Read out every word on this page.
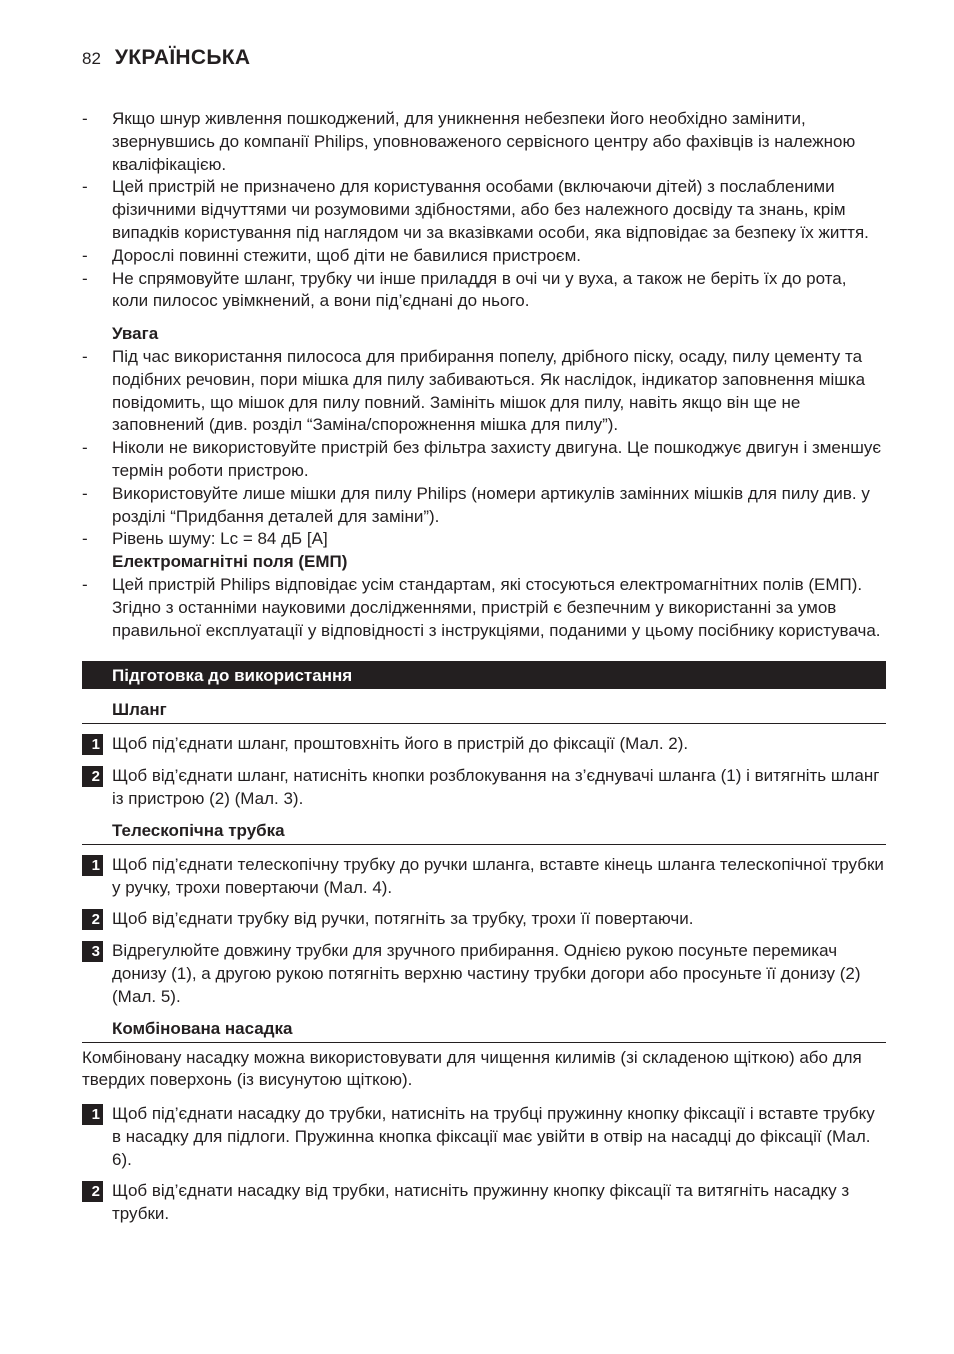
82 УКРАЇНСЬКА
- Якщо шнур живлення пошкоджений, для уникнення небезпеки його необхідно замінити, звернувшись до компанії Philips, уповноваженого сервісного центру або фахівців із належною кваліфікацією.
- Цей пристрій не призначено для користування особами (включаючи дітей) з послабленими фізичними відчуттями чи розумовими здібностями, або без належного досвіду та знань, крім випадків користування під наглядом чи за вказівками особи, яка відповідає за безпеку їх життя.
- Дорослі повинні стежити, щоб діти не бавилися пристроєм.
- Не спрямовуйте шланг, трубку чи інше приладдя в очі чи у вуха, а також не беріть їх до рота, коли пилосос увімкнений, а вони під’єднані до нього.
Увага
- Під час використання пилососа для прибирання попелу, дрібного піску, осаду, пилу цементу та подібних речовин, пори мішка для пилу забиваються. Як наслідок, індикатор заповнення мішка повідомить, що мішок для пилу повний. Замініть мішок для пилу, навіть якщо він ще не заповнений (див. розділ “Заміна/спорожнення мішка для пилу”).
- Ніколи не використовуйте пристрій без фільтра захисту двигуна. Це пошкоджує двигун і зменшує термін роботи пристрою.
- Використовуйте лише мішки для пилу Philips (номери артикулів замінних мішків для пилу див. у розділі “Придбання деталей для заміни”).
- Рівень шуму: Lc = 84 дБ [A]
Електромагнітні поля (ЕМП)
- Цей пристрій Philips відповідає усім стандартам, які стосуються електромагнітних полів (ЕМП). Згідно з останніми науковими дослідженнями, пристрій є безпечним у використанні за умов правильної експлуатації у відповідності з інструкціями, поданими у цьому посібнику користувача.
Підготовка до використання
Шланг
1 Щоб під’єднати шланг, проштовхніть його в пристрій до фіксації (Мал. 2).
2 Щоб від’єднати шланг, натисніть кнопки розблокування на з’єднувачі шланга (1) і витягніть шланг із пристрою (2) (Мал. 3).
Телескопічна трубка
1 Щоб під’єднати телескопічну трубку до ручки шланга, вставте кінець шланга телескопічної трубки у ручку, трохи повертаючи (Мал. 4).
2 Щоб від’єднати трубку від ручки, потягніть за трубку, трохи її повертаючи.
3 Відрегулюйте довжину трубки для зручного прибирання. Однією рукою посуньте перемикач донизу (1), а другою рукою потягніть верхню частину трубки догори або просуньте її донизу (2) (Мал. 5).
Комбінована насадка
Комбіновану насадку можна використовувати для чищення килимів (зі складеною щіткою) або для твердих поверхонь (із висунутою щіткою).
1 Щоб під’єднати насадку до трубки, натисніть на трубці пружинну кнопку фіксації і вставте трубку в насадку для підлоги. Пружинна кнопка фіксації має увійти в отвір на насадці до фіксації (Мал. 6).
2 Щоб від’єднати насадку від трубки, натисніть пружинну кнопку фіксації та витягніть насадку з трубки.
